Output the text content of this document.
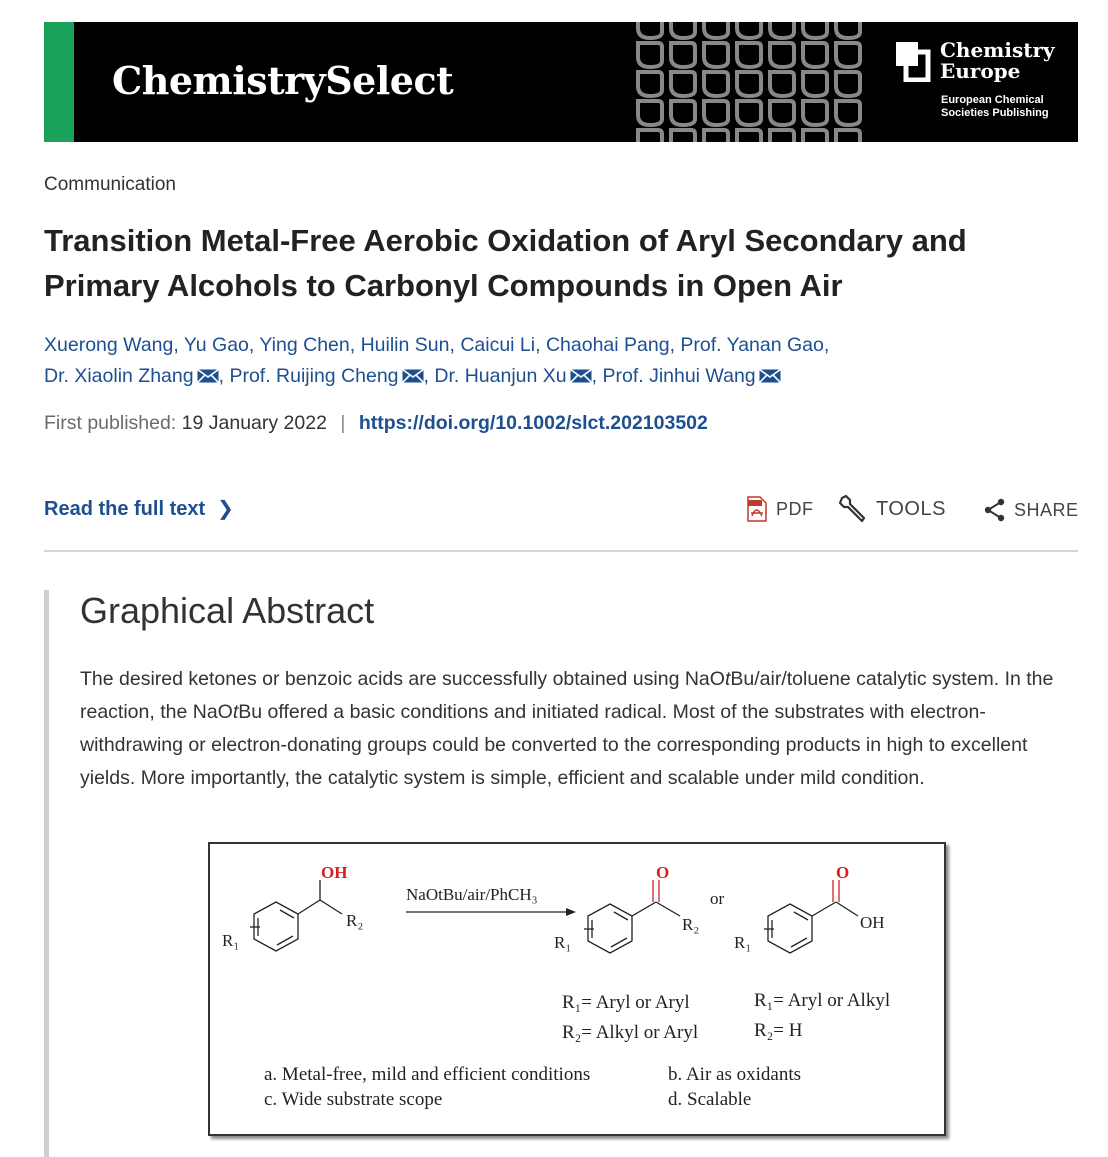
ChemistrySelect
Chemistry
Europe
European Chemical
Societies Publishing
Communication
Transition Metal-Free Aerobic Oxidation of Aryl Secondary and Primary Alcohols to Carbonyl Compounds in Open Air
Xuerong Wang, Yu Gao, Ying Chen, Huilin Sun, Caicui Li, Chaohai Pang, Prof. Yanan Gao,
Dr. Xiaolin Zhang , Prof. Ruijing Cheng , Dr. Huanjun Xu , Prof. Jinhui Wang
First published: 19 January 2022 | https://doi.org/10.1002/slct.202103502
Read the full text ❯	PDF	TOOLS	SHARE
Graphical Abstract

The desired ketones or benzoic acids are successfully obtained using NaOtBu/air/toluene catalytic system. In the reaction, the NaOtBu offered a basic conditions and initiated radical. Most of the substrates with electron-withdrawing or electron-donating groups could be converted to the corresponding products in high to excellent yields. More importantly, the catalytic system is simple, efficient and scalable under mild condition.

OH
R₂
R₁
NaOtBu/air/PhCH₃
O
R₂
R₁
or
O
OH
R₁
R₁= Aryl or Aryl
R₂= Alkyl or Aryl
R₁= Aryl or Alkyl
R₂= H
a. Metal-free, mild and efficient conditions	b. Air as oxidants
c. Wide substrate scope	d. Scalable
